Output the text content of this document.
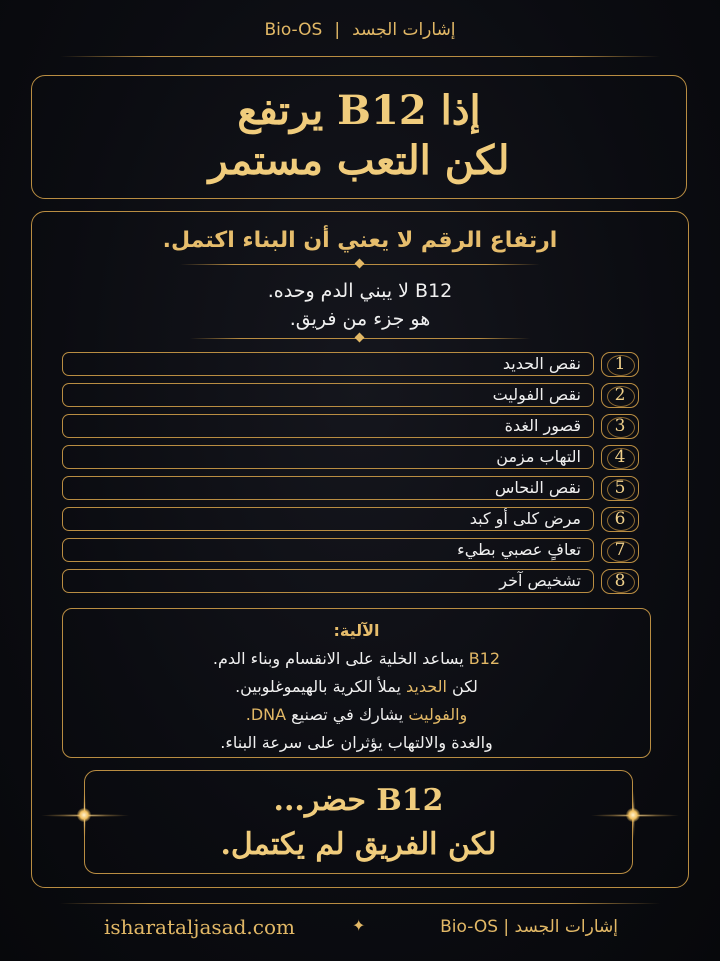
إشارات الجسد|Bio-OS
إذا B12 يرتفع
لكن التعب مستمر
ارتفاع الرقم لا يعني أن البناء اكتمل.
B12 لا يبني الدم وحده.
هو جزء من فريق.
نقص الحديد	1
نقص الفوليت	2
قصور الغدة	3
التهاب مزمن	4
نقص النحاس	5
مرض كلى أو كبد	6
تعافٍ عصبي بطيء	7
تشخيص آخر	8
الآلية:
B12 يساعد الخلية على الانقسام وبناء الدم.
لكن الحديد يملأ الكرية بالهيموغلوبين.
والفوليت يشارك في تصنيع DNA.
والغدة والالتهاب يؤثران على سرعة البناء.
B12 حضر...
لكن الفريق لم يكتمل.
isharataljasad.com	✦	إشارات الجسد | Bio-OS
